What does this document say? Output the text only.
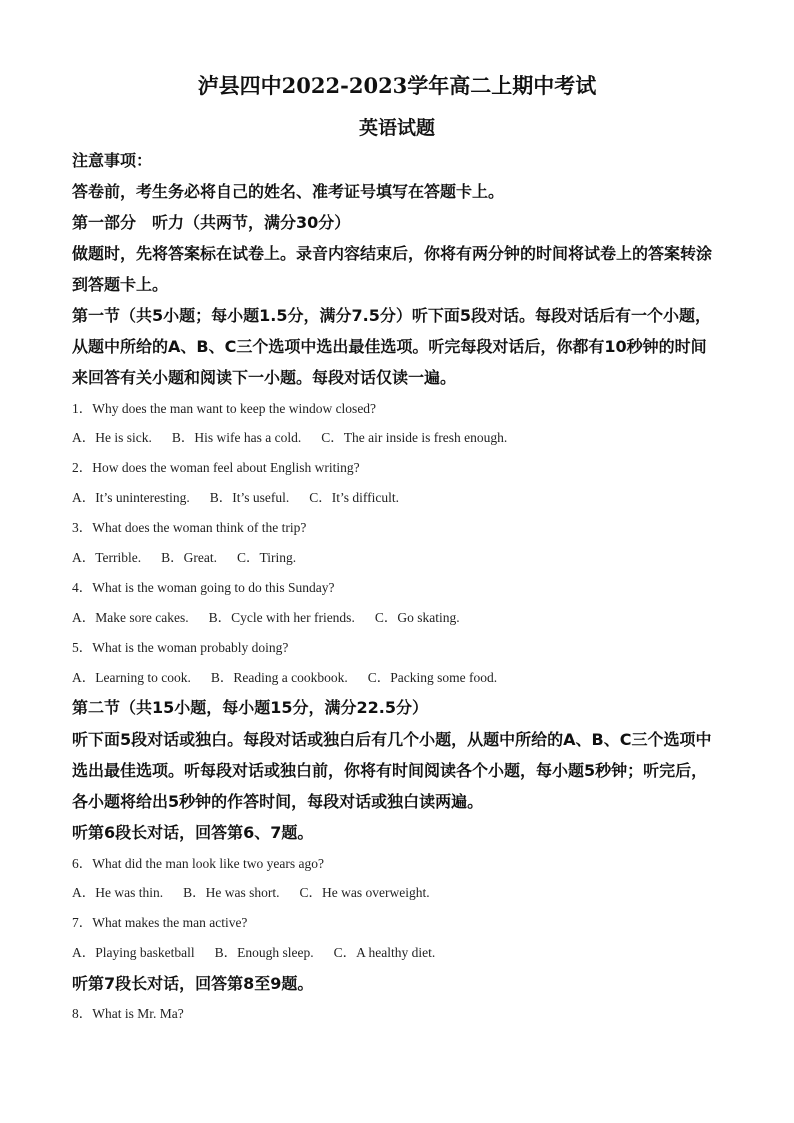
泸县四中2022-2023学年高二上期中考试
英语试题
注意事项：
答卷前，考生务必将自己的姓名、准考证号填写在答题卡上。
第一部分　听力（共两节，满分30分）
做题时，先将答案标在试卷上。录音内容结束后，你将有两分钟的时间将试卷上的答案转涂
到答题卡上。
第一节（共5小题；每小题1.5分，满分7.5分）听下面5段对话。每段对话后有一个小题，
从题中所给的A、B、C三个选项中选出最佳选项。听完每段对话后，你都有10秒钟的时间
来回答有关小题和阅读下一小题。每段对话仅读一遍。
1．Why does the man want to keep the window closed?
A．He is sick. B．His wife has a cold. C．The air inside is fresh enough.
2．How does the woman feel about English writing?
A．It’s uninteresting. B．It’s useful. C．It’s difficult.
3．What does the woman think of the trip?
A．Terrible. B．Great. C．Tiring.
4．What is the woman going to do this Sunday?
A．Make sore cakes. B．Cycle with her friends. C．Go skating.
5．What is the woman probably doing?
A．Learning to cook. B．Reading a cookbook. C．Packing some food.
第二节（共15小题，每小题15分，满分22.5分）
听下面5段对话或独白。每段对话或独白后有几个小题，从题中所给的A、B、C三个选项中
选出最佳选项。听每段对话或独白前，你将有时间阅读各个小题，每小题5秒钟；听完后，
各小题将给出5秒钟的作答时间，每段对话或独白读两遍。
听第6段长对话，回答第6、7题。
6．What did the man look like two years ago?
A．He was thin. B．He was short. C．He was overweight.
7．What makes the man active?
A．Playing basketball B．Enough sleep. C．A healthy diet.
听第7段长对话，回答第8至9题。
8．What is Mr. Ma?
